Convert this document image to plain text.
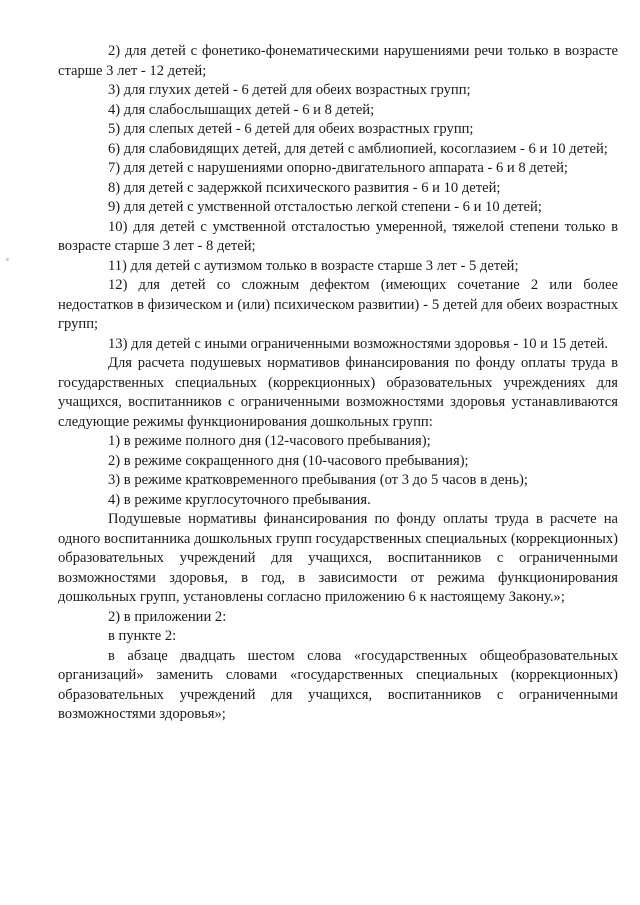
2) для детей с фонетико-фонематическими нарушениями речи только в возрасте старше 3 лет - 12 детей;

3) для глухих детей - 6 детей для обеих возрастных групп;

4) для слабослышащих детей - 6 и 8 детей;

5) для слепых детей - 6 детей для обеих возрастных групп;

6) для слабовидящих детей, для детей с амблиопией, косоглазием - 6 и 10 детей;

7) для детей с нарушениями опорно-двигательного аппарата - 6 и 8 детей;

8) для детей с задержкой психического развития - 6 и 10 детей;

9) для детей с умственной отсталостью легкой степени - 6 и 10 детей;

10) для детей с умственной отсталостью умеренной, тяжелой степени только в возрасте старше 3 лет - 8 детей;

11) для детей с аутизмом только в возрасте старше 3 лет - 5 детей;

12) для детей со сложным дефектом (имеющих сочетание 2 или более недостатков в физическом и (или) психическом развитии) - 5 детей для обеих возрастных групп;

13) для детей с иными ограниченными возможностями здоровья - 10 и 15 детей.

Для расчета подушевых нормативов финансирования по фонду оплаты труда в государственных специальных (коррекционных) образовательных учреждениях для учащихся, воспитанников с ограниченными возможностями здоровья устанавливаются следующие режимы функционирования дошкольных групп:

1) в режиме полного дня (12-часового пребывания);

2) в режиме сокращенного дня (10-часового пребывания);

3) в режиме кратковременного пребывания (от 3 до 5 часов в день);

4) в режиме круглосуточного пребывания.

Подушевые нормативы финансирования по фонду оплаты труда в расчете на одного воспитанника дошкольных групп государственных специальных (коррекционных) образовательных учреждений для учащихся, воспитанников с ограниченными возможностями здоровья, в год, в зависимости от режима функционирования дошкольных групп, установлены согласно приложению 6 к настоящему Закону.»;

2) в приложении 2:

в пункте 2:

в абзаце двадцать шестом слова «государственных общеобразовательных организаций» заменить словами «государственных специальных (коррекционных) образовательных учреждений для учащихся, воспитанников с ограниченными возможностями здоровья»;
